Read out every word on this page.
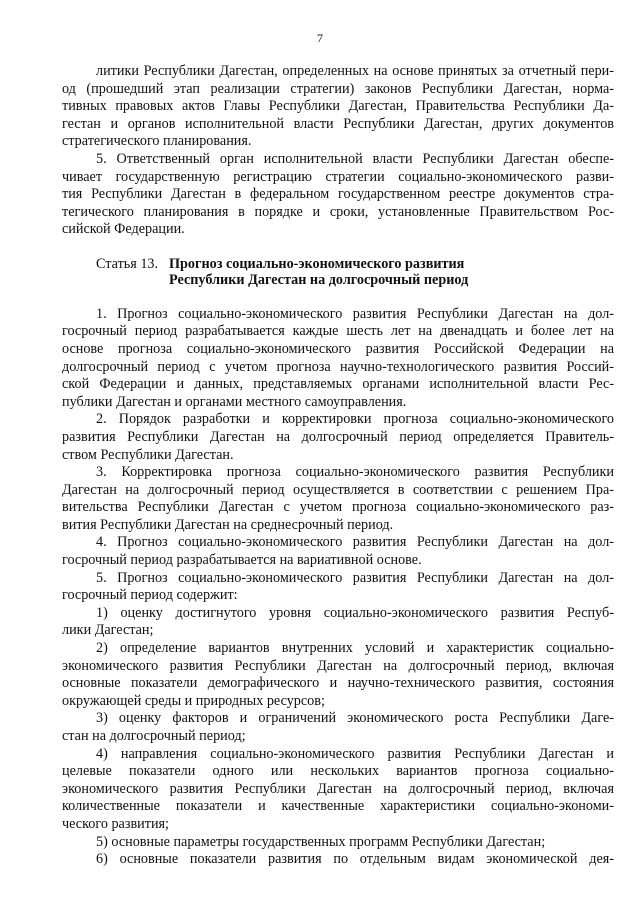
7
литики Республики Дагестан, определенных на основе принятых за отчетный пери-
од (прошедший этап реализации стратегии) законов Республики Дагестан, норма-
тивных правовых актов Главы Республики Дагестан, Правительства Республики Да-
гестан и органов исполнительной власти Республики Дагестан, других документов
стратегического планирования.
5. Ответственный орган исполнительной власти Республики Дагестан обеспе-
чивает государственную регистрацию стратегии социально-экономического разви-
тия Республики Дагестан в федеральном государственном реестре документов стра-
тегического планирования в порядке и сроки, установленные Правительством Рос-
сийской Федерации.
Статья 13. Прогноз социально-экономического развития
Республики Дагестан на долгосрочный период
1. Прогноз социально-экономического развития Республики Дагестан на дол-
госрочный период разрабатывается каждые шесть лет на двенадцать и более лет на
основе прогноза социально-экономического развития Российской Федерации на
долгосрочный период с учетом прогноза научно-технологического развития Россий-
ской Федерации и данных, представляемых органами исполнительной власти Рес-
публики Дагестан и органами местного самоуправления.
2. Порядок разработки и корректировки прогноза социально-экономического
развития Республики Дагестан на долгосрочный период определяется Правитель-
ством Республики Дагестан.
3. Корректировка прогноза социально-экономического развития Республики
Дагестан на долгосрочный период осуществляется в соответствии с решением Пра-
вительства Республики Дагестан с учетом прогноза социально-экономического раз-
вития Республики Дагестан на среднесрочный период.
4. Прогноз социально-экономического развития Республики Дагестан на дол-
госрочный период разрабатывается на вариативной основе.
5. Прогноз социально-экономического развития Республики Дагестан на дол-
госрочный период содержит:
1) оценку достигнутого уровня социально-экономического развития Респуб-
лики Дагестан;
2) определение вариантов внутренних условий и характеристик социально-
экономического развития Республики Дагестан на долгосрочный период, включая
основные показатели демографического и научно-технического развития, состояния
окружающей среды и природных ресурсов;
3) оценку факторов и ограничений экономического роста Республики Даге-
стан на долгосрочный период;
4) направления социально-экономического развития Республики Дагестан и
целевые показатели одного или нескольких вариантов прогноза социально-
экономического развития Республики Дагестан на долгосрочный период, включая
количественные показатели и качественные характеристики социально-экономи-
ческого развития;
5) основные параметры государственных программ Республики Дагестан;
6) основные показатели развития по отдельным видам экономической дея-
